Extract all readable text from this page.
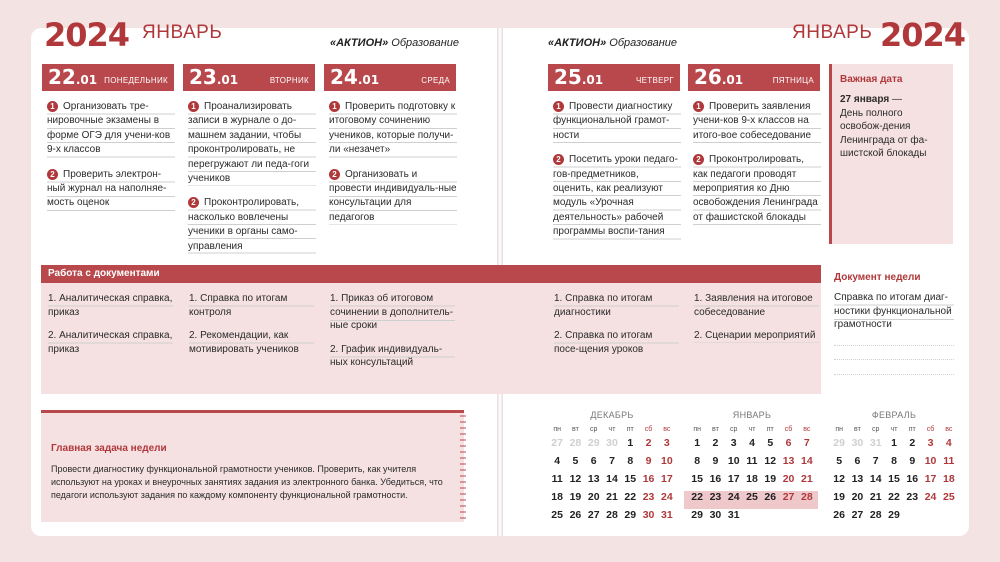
2024 ЯНВАРЬ	«АКТИОН» Образование	«АКТИОН» Образование	ЯНВАРЬ 2024
22.01 ПОНЕДЕЛЬНИК
1 Организовать тре-нировочные экзамены в форме ОГЭ для учени-ков 9-х классов
2 Проверить электрон-ный журнал на наполняе-мость оценок
23.01	ВТОРНИК
1 Проанализировать записи в журнале о до-машнем задании, чтобы проконтролировать, не перегружают ли педа-гоги учеников
2 Проконтролировать, насколько вовлечены ученики в органы само-управления
24.01	СРЕДА
1 Проверить подготовку к итоговому сочинению учеников, которые получи-ли «незачет»
2 Организовать и провести индивидуаль-ные консультации для педагогов
25.01	ЧЕТВЕРГ
1 Провести диагностику функциональной грамот-ности
2 Посетить уроки педаго-гов-предметников, оценить, как реализуют модуль «Урочная деятельность» рабочей программы воспи-тания
26.01	ПЯТНИЦА
1 Проверить заявления учени-ков 9-х классов на итого-вое собеседование
2 Проконтролировать, как педагоги проводят мероприятия ко Дню освобождения Ленинграда от фашистской блокады
Важная дата
27 января —
День полного освобож-дения Ленинграда от фа-шистской блокады
Работа с документами
1. Аналитическая справка, приказ
2. Аналитическая справка, приказ
1. Справка по итогам контроля
2. Рекомендации, как мотивировать учеников
1. Приказ об итоговом сочинении в дополнитель-ные сроки
2. График индивидуаль-ных консультаций
1. Справка по итогам диагностики
2. Справка по итогам посе-щения уроков
1. Заявления на итоговое собеседование
2. Сценарии мероприятий
Документ недели
Справка по итогам диаг-ностики функциональной грамотности
Главная задача недели
Провести диагностику функциональной грамотности учеников. Проверить, как учителя используют на уроках и внеурочных занятиях задания из электронного банка. Убедиться, что педагоги используют задания по каждому компоненту функциональной грамотности.
ДЕКАБРЬ
пн	вт	ср	чт	пт	сб	вс
27	28	29	30	1	2	3
4	5	6	7	8	9	10
11	12	13	14	15	16	17
18	19	20	21	22	23	24
25	26	27	28	29	30	31
ЯНВАРЬ
пн	вт	ср	чт	пт	сб	вс
1	2	3	4	5	6	7
8	9	10	11	12	13	14
15	16	17	18	19	20	21
22	23	24	25	26	27	28
29	30	31				
ФЕВРАЛЬ
пн	вт	ср	чт	пт	сб	вс
29	30	31	1	2	3	4
5	6	7	8	9	10	11
12	13	14	15	16	17	18
19	20	21	22	23	24	25
26	27	28	29			
